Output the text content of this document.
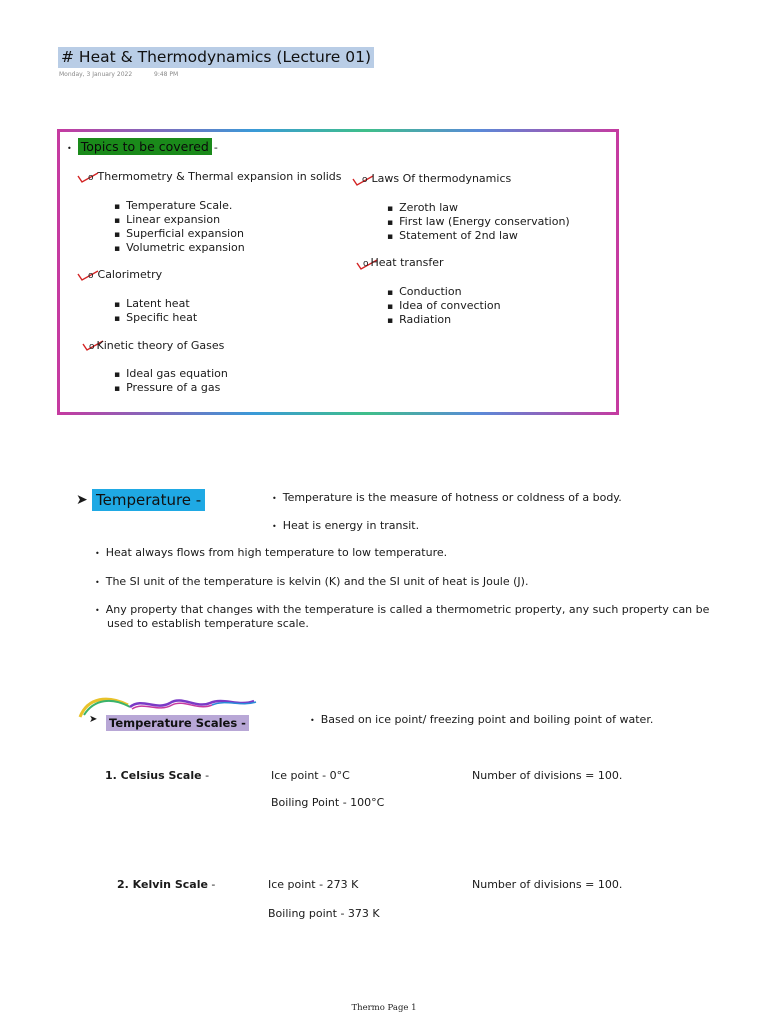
# Heat & Thermodynamics (Lecture 01)
Monday, 3 January 2022	9:48 PM
• Topics to be covered -
o Thermometry & Thermal expansion in solids
▪ Temperature Scale.
▪ Linear expansion
▪ Superficial expansion
▪ Volumetric expansion
o Calorimetry
▪ Latent heat
▪ Specific heat
o Kinetic theory of Gases
▪ Ideal gas equation
▪ Pressure of a gas
o Laws Of thermodynamics
▪ Zeroth law
▪ First law (Energy conservation)
▪ Statement of 2nd law
o Heat transfer
▪ Conduction
▪ Idea of convection
▪ Radiation
➤ Temperature -	• Temperature is the measure of hotness or coldness of a body.
• Heat is energy in transit.
• Heat always flows from high temperature to low temperature.
• The SI unit of the temperature is kelvin (K) and the SI unit of heat is Joule (J).
• Any property that changes with the temperature is called a thermometric property, any such property can be
used to establish temperature scale.
➤ Temperature Scales -	• Based on ice point/ freezing point and boiling point of water.
1. Celsius Scale -	Ice point - 0°C	Number of divisions = 100.
Boiling Point - 100°C
2. Kelvin Scale -	Ice point - 273 K	Number of divisions = 100.
Boiling point - 373 K
Thermo Page 1
